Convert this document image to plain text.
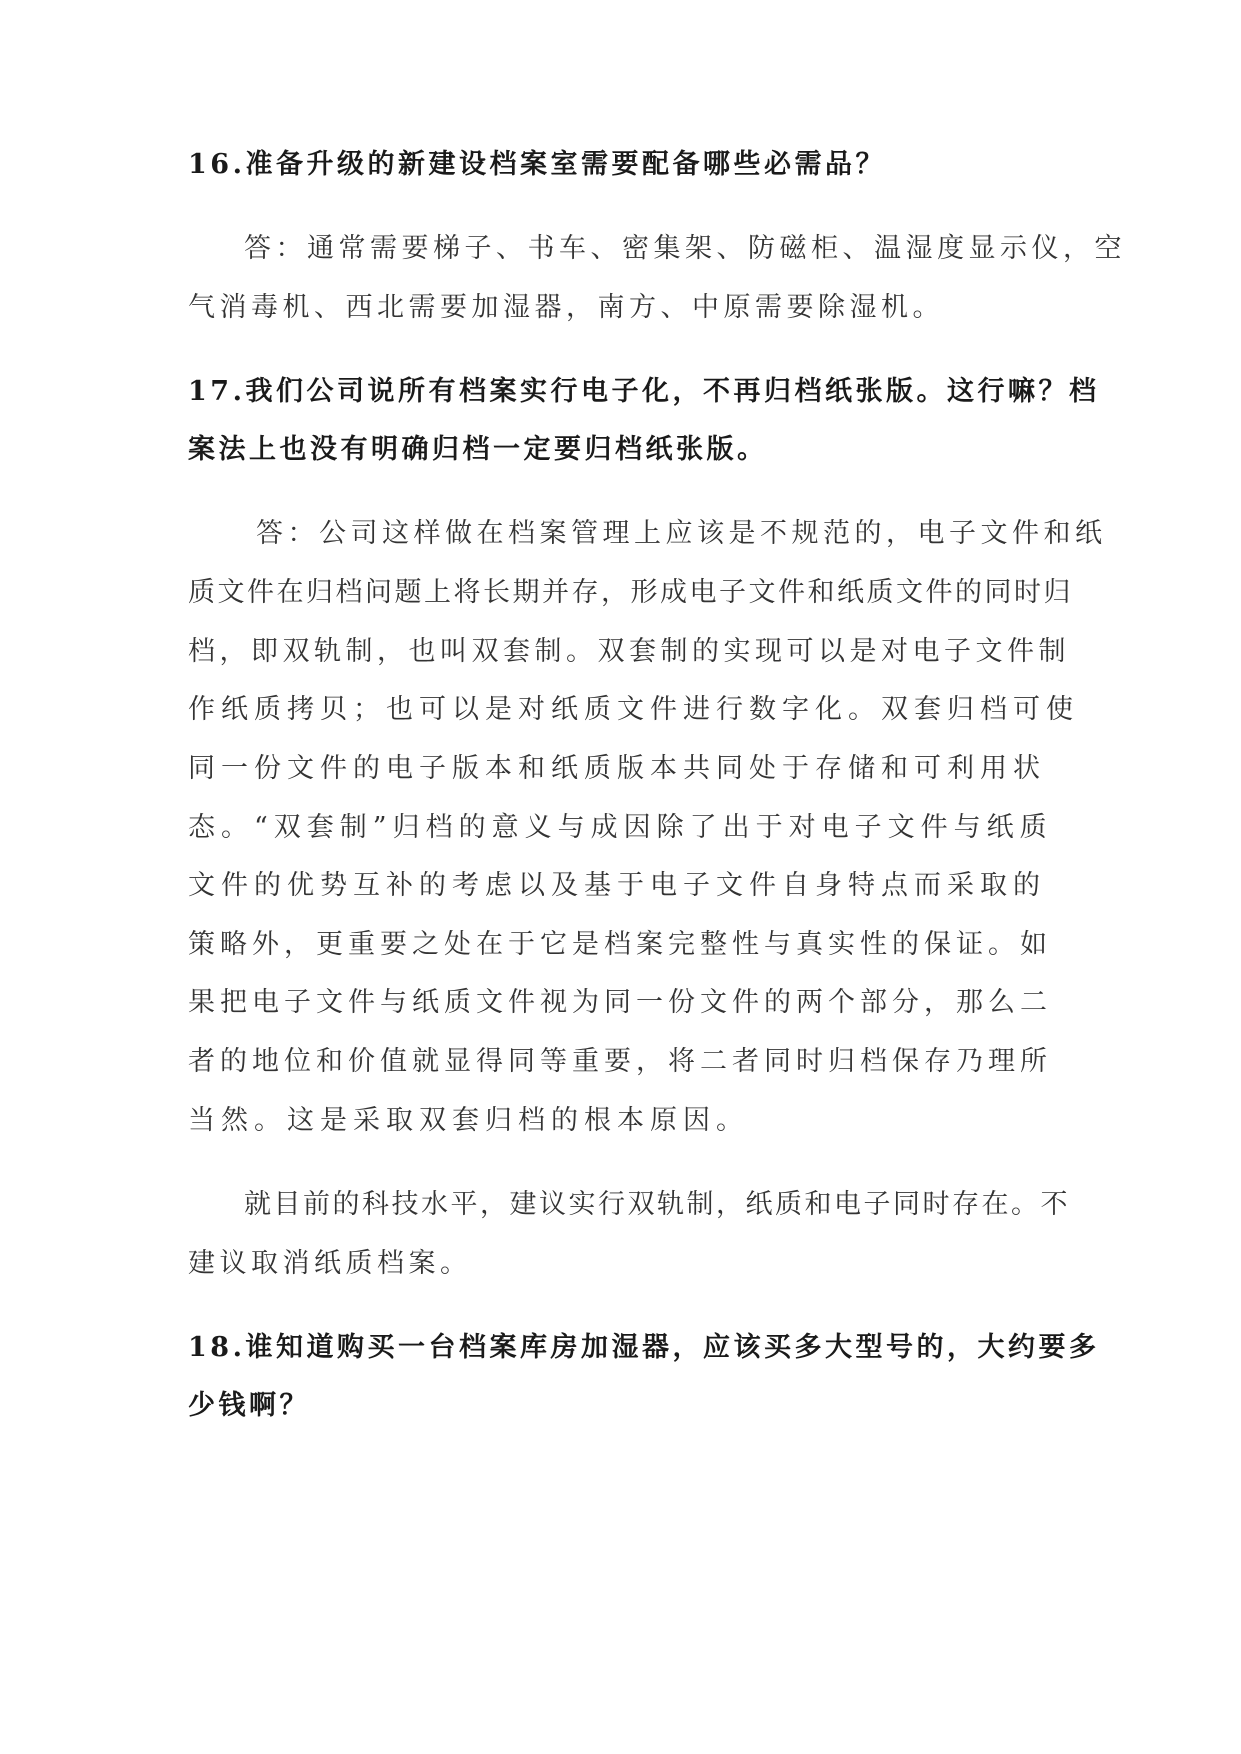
16.准备升级的新建设档案室需要配备哪些必需品？
答：通常需要梯子、书车、密集架、防磁柜、温湿度显示仪，空
气消毒机、西北需要加湿器，南方、中原需要除湿机。
17.我们公司说所有档案实行电子化，不再归档纸张版。这行嘛？档
案法上也没有明确归档一定要归档纸张版。
答：公司这样做在档案管理上应该是不规范的，电子文件和纸
质文件在归档问题上将长期并存，形成电子文件和纸质文件的同时归
档，即双轨制，也叫双套制。双套制的实现可以是对电子文件制
作纸质拷贝；也可以是对纸质文件进行数字化。双套归档可使
同一份文件的电子版本和纸质版本共同处于存储和可利用状
态。“双套制”归档的意义与成因除了出于对电子文件与纸质
文件的优势互补的考虑以及基于电子文件自身特点而采取的
策略外，更重要之处在于它是档案完整性与真实性的保证。如
果把电子文件与纸质文件视为同一份文件的两个部分，那么二
者的地位和价值就显得同等重要，将二者同时归档保存乃理所
当然。这是采取双套归档的根本原因。
就目前的科技水平，建议实行双轨制，纸质和电子同时存在。不
建议取消纸质档案。
18.谁知道购买一台档案库房加湿器，应该买多大型号的，大约要多
少钱啊？
